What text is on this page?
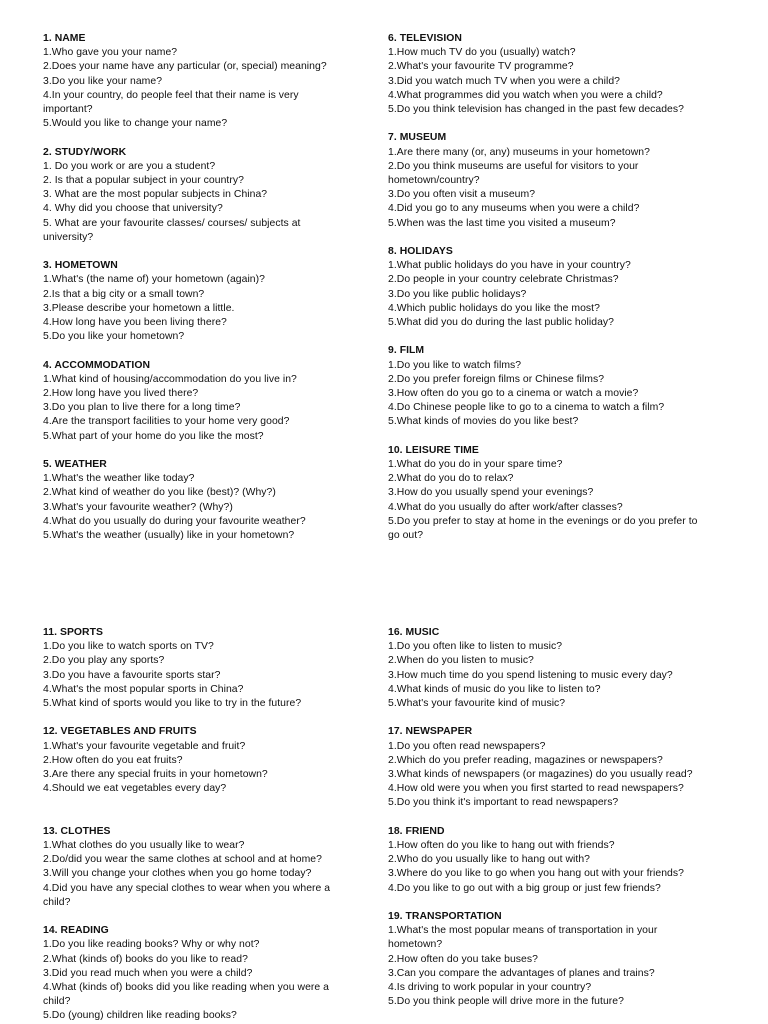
1. NAME
1.Who gave you your name?
2.Does your name have any particular (or, special) meaning?
3.Do you like your name?
4.In your country, do people feel that their name is very important?
5.Would you like to change your name?
2. STUDY/WORK
1. Do you work or are you a student?
2. Is that a popular subject in your country?
3. What are the most popular subjects in China?
4. Why did you choose that university?
5. What are your favourite classes/ courses/ subjects at university?
3. HOMETOWN
1.What's (the name of) your hometown (again)?
2.Is that a big city or a small town?
3.Please describe your hometown a little.
4.How long have you been living there?
5.Do you like your hometown?
4. ACCOMMODATION
1.What kind of housing/accommodation do you live in?
2.How long have you lived there?
3.Do you plan to live there for a long time?
4.Are the transport facilities to your home very good?
5.What part of your home do you like the most?
5. WEATHER
1.What's the weather like today?
2.What kind of weather do you like (best)? (Why?)
3.What's your favourite weather? (Why?)
4.What do you usually do during your favourite weather?
5.What's the weather (usually) like in your hometown?
6. TELEVISION
1.How much TV do you (usually) watch?
2.What's your favourite TV programme?
3.Did you watch much TV when you were a child?
4.What programmes did you watch when you were a child?
5.Do you think television has changed in the past few decades?
7. MUSEUM
1.Are there many (or, any) museums in your hometown?
2.Do you think museums are useful for visitors to your hometown/country?
3.Do you often visit a museum?
4.Did you go to any museums when you were a child?
5.When was the last time you visited a museum?
8. HOLIDAYS
1.What public holidays do you have in your country?
2.Do people in your country celebrate Christmas?
3.Do you like public holidays?
4.Which public holidays do you like the most?
5.What did you do during the last public holiday?
9. FILM
1.Do you like to watch films?
2.Do you prefer foreign films or Chinese films?
3.How often do you go to a cinema or watch a movie?
4.Do Chinese people like to go to a cinema to watch a film?
5.What kinds of movies do you like best?
10. LEISURE TIME
1.What do you do in your spare time?
2.What do you do to relax?
3.How do you usually spend your evenings?
4.What do you usually do after work/after classes?
5.Do you prefer to stay at home in the evenings or do you prefer to go out?
11. SPORTS
1.Do you like to watch sports on TV?
2.Do you play any sports?
3.Do you have a favourite sports star?
4.What's the most popular sports in China?
5.What kind of sports would you like to try in the future?
12. VEGETABLES AND FRUITS
1.What's your favourite vegetable and fruit?
2.How often do you eat fruits?
3.Are there any special fruits in your hometown?
4.Should we eat vegetables every day?
13. CLOTHES
1.What clothes do you usually like to wear?
2.Do/did you wear the same clothes at school and at home?
3.Will you change your clothes when you go home today?
4.Did you have any special clothes to wear when you where a child?
14. READING
1.Do you like reading books? Why or why not?
2.What (kinds of) books do you like to read?
3.Did you read much when you were a child?
4.What (kinds of) books did you like reading when you were a child?
5.Do (young) children like reading books?
16. MUSIC
1.Do you often like to listen to music?
2.When do you listen to music?
3.How much time do you spend listening to music every day?
4.What kinds of music do you like to listen to?
5.What's your favourite kind of music?
17. NEWSPAPER
1.Do you often read newspapers?
2.Which do you prefer reading, magazines or newspapers?
3.What kinds of newspapers (or magazines) do you usually read?
4.How old were you when you first started to read newspapers?
5.Do you think it's important to read newspapers?
18. FRIEND
1.How often do you like to hang out with friends?
2.Who do you usually like to hang out with?
3.Where do you like to go when you hang out with your friends?
4.Do you like to go out with a big group or just few friends?
19. TRANSPORTATION
1.What's the most popular means of transportation in your hometown?
2.How often do you take buses?
3.Can you compare the advantages of planes and trains?
4.Is driving to work popular in your country?
5.Do you think people will drive more in the future?
